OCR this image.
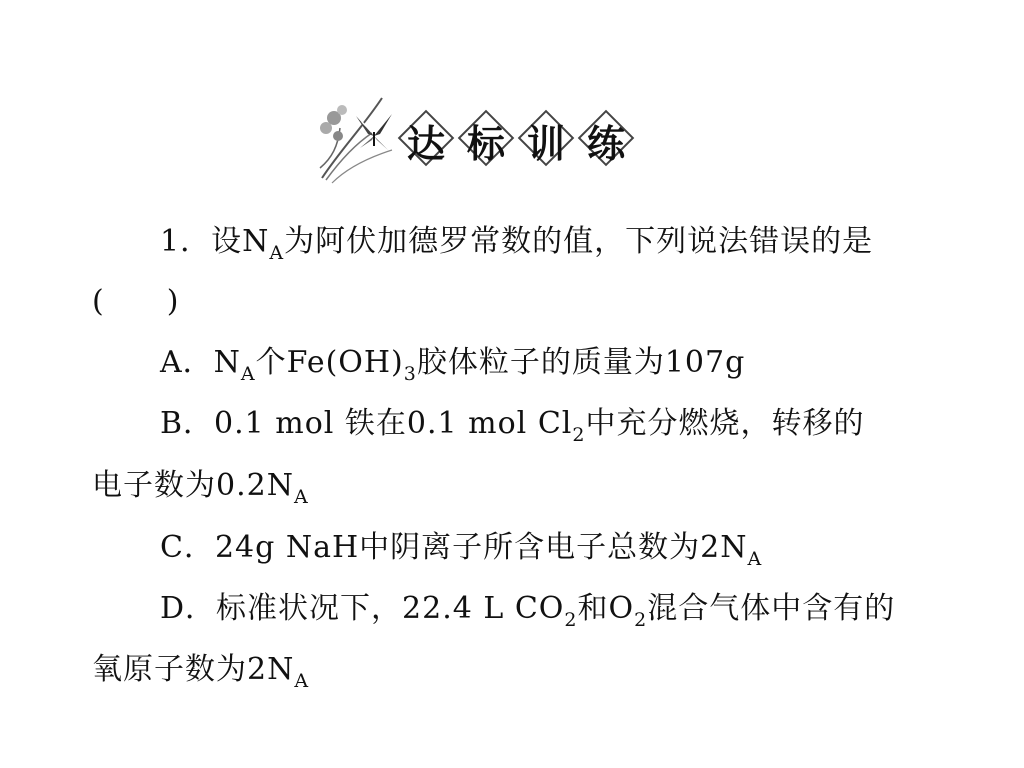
达 标 训 练
1．设$N_A$为阿伏加德罗常数的值，下列说法错误的是
(　　)
A．$N_A$个$Fe(OH)_3$胶体粒子的质量为107g
B．0.1 mol 铁在0.1 mol $Cl_2$中充分燃烧，转移的
电子数为$0.2N_A$
C．24g NaH中阴离子所含电子总数为$2N_A$
D．标准状况下，22.4 L $CO_2$和$O_2$混合气体中含有的
氧原子数为$2N_A$
